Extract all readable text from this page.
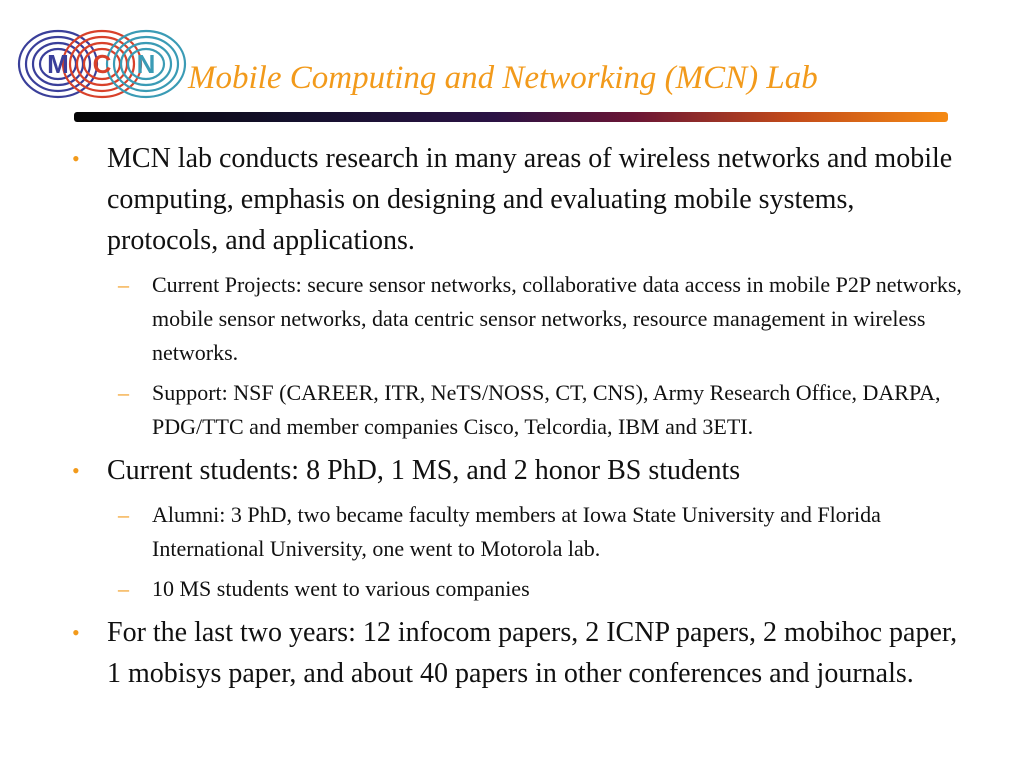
M C N Mobile Computing and Networking (MCN) Lab
• MCN lab conducts research in many areas of wireless networks and mobile computing, emphasis on designing and evaluating mobile systems, protocols, and applications.
– Current Projects: secure sensor networks, collaborative data access in mobile P2P networks, mobile sensor networks, data centric sensor networks, resource management in wireless networks.
– Support: NSF (CAREER, ITR, NeTS/NOSS, CT, CNS), Army Research Office, DARPA, PDG/TTC and member companies Cisco, Telcordia, IBM and 3ETI.
• Current students: 8 PhD, 1 MS, and 2 honor BS students
– Alumni: 3 PhD, two became faculty members at Iowa State University and Florida International University, one went to Motorola lab.
– 10 MS students went to various companies
• For the last two years: 12 infocom papers, 2 ICNP papers, 2 mobihoc paper, 1 mobisys paper, and about 40 papers in other conferences and journals.
